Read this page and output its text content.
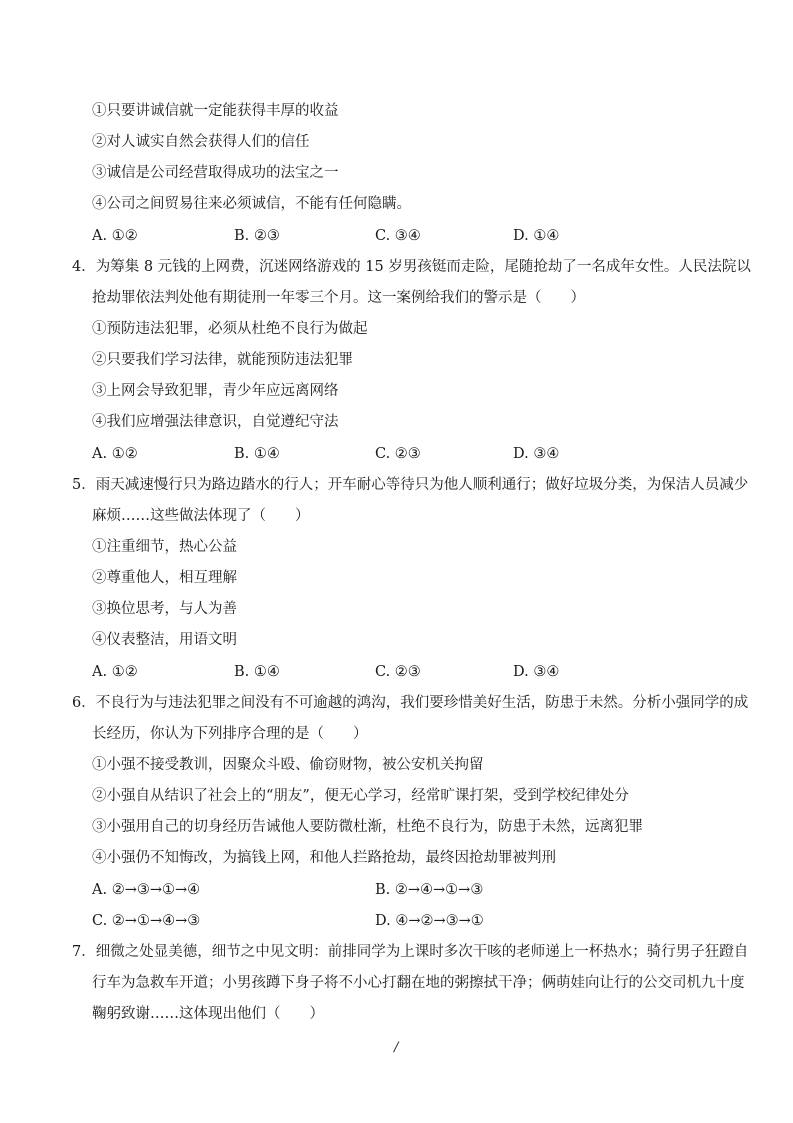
①只要讲诚信就一定能获得丰厚的收益
②对人诚实自然会获得人们的信任
③诚信是公司经营取得成功的法宝之一
④公司之间贸易往来必须诚信，不能有任何隐瞒。
A. ①②	B. ②③	C. ③④	D. ①④
4．为筹集 8 元钱的上网费，沉迷网络游戏的 15 岁男孩铤而走险，尾随抢劫了一名成年女性。人民法院以
抢劫罪依法判处他有期徒刑一年零三个月。这一案例给我们的警示是（　　）
①预防违法犯罪，必须从杜绝不良行为做起
②只要我们学习法律，就能预防违法犯罪
③上网会导致犯罪，青少年应远离网络
④我们应增强法律意识，自觉遵纪守法
A. ①②	B. ①④	C. ②③	D. ③④
5．雨天减速慢行只为路边踏水的行人；开车耐心等待只为他人顺利通行；做好垃圾分类，为保洁人员减少
麻烦……这些做法体现了（　　）
①注重细节，热心公益
②尊重他人，相互理解
③换位思考，与人为善
④仪表整洁，用语文明
A. ①②	B. ①④	C. ②③	D. ③④
6．不良行为与违法犯罪之间没有不可逾越的鸿沟，我们要珍惜美好生活，防患于未然。分析小强同学的成
长经历，你认为下列排序合理的是（　　）
①小强不接受教训，因聚众斗殴、偷窃财物，被公安机关拘留
②小强自从结识了社会上的“朋友”，便无心学习，经常旷课打架，受到学校纪律处分
③小强用自己的切身经历告诫他人要防微杜渐，杜绝不良行为，防患于未然，远离犯罪
④小强仍不知悔改，为搞钱上网，和他人拦路抢劫，最终因抢劫罪被判刑
A. ②→③→①→④	B. ②→④→①→③
C. ②→①→④→③	D. ④→②→③→①
7．细微之处显美德，细节之中见文明：前排同学为上课时多次干咳的老师递上一杯热水；骑行男子狂蹬自
行车为急救车开道；小男孩蹲下身子将不小心打翻在地的粥擦拭干净；俩萌娃向让行的公交司机九十度
鞠躬致谢……这体现出他们（　　）
/
